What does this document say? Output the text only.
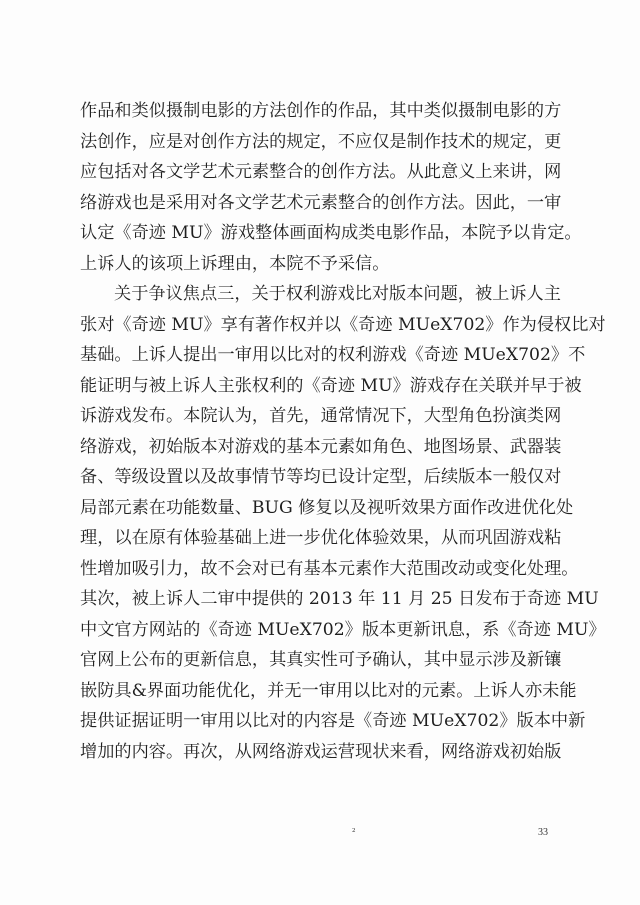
作品和类似摄制电影的方法创作的作品，其中类似摄制电影的方
法创作，应是对创作方法的规定，不应仅是制作技术的规定，更
应包括对各文学艺术元素整合的创作方法。从此意义上来讲，网
络游戏也是采用对各文学艺术元素整合的创作方法。因此，一审
认定《奇迹 MU》游戏整体画面构成类电影作品，本院予以肯定。
上诉人的该项上诉理由，本院不予采信。
关于争议焦点三，关于权利游戏比对版本问题，被上诉人主
张对《奇迹 MU》享有著作权并以《奇迹 MUeX702》作为侵权比对
基础。上诉人提出一审用以比对的权利游戏《奇迹 MUeX702》不
能证明与被上诉人主张权利的《奇迹 MU》游戏存在关联并早于被
诉游戏发布。本院认为，首先，通常情况下，大型角色扮演类网
络游戏，初始版本对游戏的基本元素如角色、地图场景、武器装
备、等级设置以及故事情节等均已设计定型，后续版本一般仅对
局部元素在功能数量、BUG 修复以及视听效果方面作改进优化处
理，以在原有体验基础上进一步优化体验效果，从而巩固游戏粘
性增加吸引力，故不会对已有基本元素作大范围改动或变化处理。
其次，被上诉人二审中提供的 2013 年 11 月 25 日发布于奇迹 MU
中文官方网站的《奇迹 MUeX702》版本更新讯息，系《奇迹 MU》
官网上公布的更新信息，其真实性可予确认，其中显示涉及新镶
嵌防具&界面功能优化，并无一审用以比对的元素。上诉人亦未能
提供证据证明一审用以比对的内容是《奇迹 MUeX702》版本中新
增加的内容。再次，从网络游戏运营现状来看，网络游戏初始版
²	33
